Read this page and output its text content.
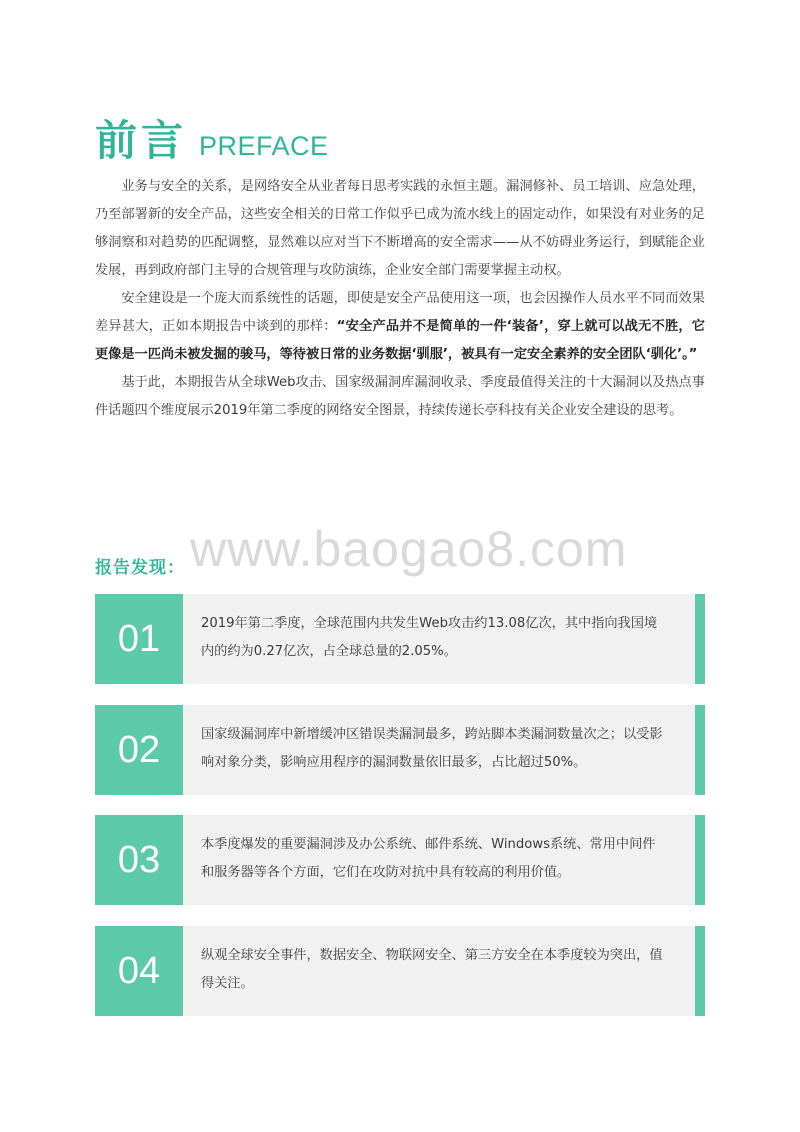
前言 PREFACE

业务与安全的关系，是网络安全从业者每日思考实践的永恒主题。漏洞修补、员工培训、应急处理，乃至部署新的安全产品，这些安全相关的日常工作似乎已成为流水线上的固定动作，如果没有对业务的足够洞察和对趋势的匹配调整，显然难以应对当下不断增高的安全需求——从不妨碍业务运行，到赋能企业发展，再到政府部门主导的合规管理与攻防演练，企业安全部门需要掌握主动权。

安全建设是一个庞大而系统性的话题，即使是安全产品使用这一项，也会因操作人员水平不同而效果差异甚大，正如本期报告中谈到的那样：“安全产品并不是简单的一件‘装备’，穿上就可以战无不胜，它更像是一匹尚未被发掘的骏马，等待被日常的业务数据‘驯服’，被具有一定安全素养的安全团队‘驯化’。”

基于此，本期报告从全球Web攻击、国家级漏洞库漏洞收录、季度最值得关注的十大漏洞以及热点事件话题四个维度展示2019年第二季度的网络安全图景，持续传递长亭科技有关企业安全建设的思考。

www.baogao8.com
报告发现：
01	2019年第二季度，全球范围内共发生Web攻击约13.08亿次，其中指向我国境内的约为0.27亿次，占全球总量的2.05%。
02	国家级漏洞库中新增缓冲区错误类漏洞最多，跨站脚本类漏洞数量次之；以受影响对象分类，影响应用程序的漏洞数量依旧最多，占比超过50%。
03	本季度爆发的重要漏洞涉及办公系统、邮件系统、Windows系统、常用中间件和服务器等各个方面，它们在攻防对抗中具有较高的利用价值。
04	纵观全球安全事件，数据安全、物联网安全、第三方安全在本季度较为突出，值得关注。
